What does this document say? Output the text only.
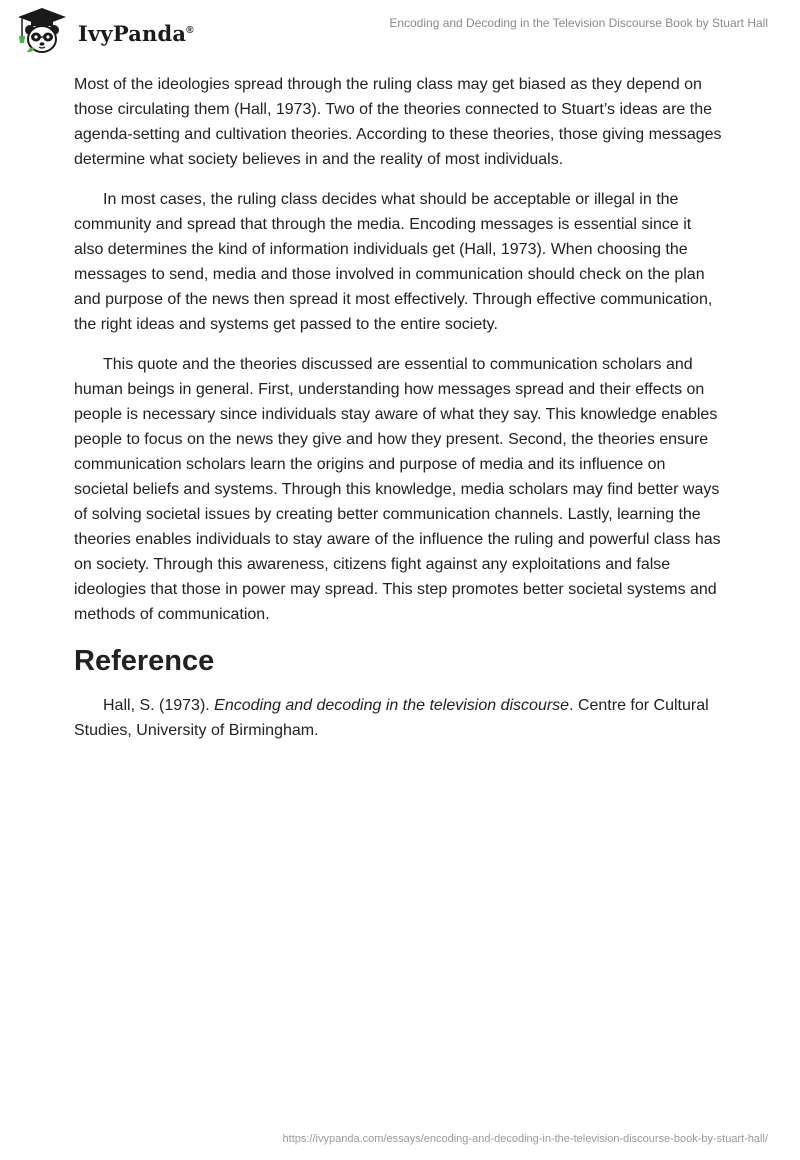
IvyPanda®	Encoding and Decoding in the Television Discourse Book by Stuart Hall

Most of the ideologies spread through the ruling class may get biased as they depend on those circulating them (Hall, 1973). Two of the theories connected to Stuart’s ideas are the agenda-setting and cultivation theories. According to these theories, those giving messages determine what society believes in and the reality of most individuals.

In most cases, the ruling class decides what should be acceptable or illegal in the community and spread that through the media. Encoding messages is essential since it also determines the kind of information individuals get (Hall, 1973). When choosing the messages to send, media and those involved in communication should check on the plan and purpose of the news then spread it most effectively. Through effective communication, the right ideas and systems get passed to the entire society.

This quote and the theories discussed are essential to communication scholars and human beings in general. First, understanding how messages spread and their effects on people is necessary since individuals stay aware of what they say. This knowledge enables people to focus on the news they give and how they present. Second, the theories ensure communication scholars learn the origins and purpose of media and its influence on societal beliefs and systems. Through this knowledge, media scholars may find better ways of solving societal issues by creating better communication channels. Lastly, learning the theories enables individuals to stay aware of the influence the ruling and powerful class has on society. Through this awareness, citizens fight against any exploitations and false ideologies that those in power may spread. This step promotes better societal systems and methods of communication.

Reference

Hall, S. (1973). Encoding and decoding in the television discourse. Centre for Cultural Studies, University of Birmingham.

https://ivypanda.com/essays/encoding-and-decoding-in-the-television-discourse-book-by-stuart-hall/
